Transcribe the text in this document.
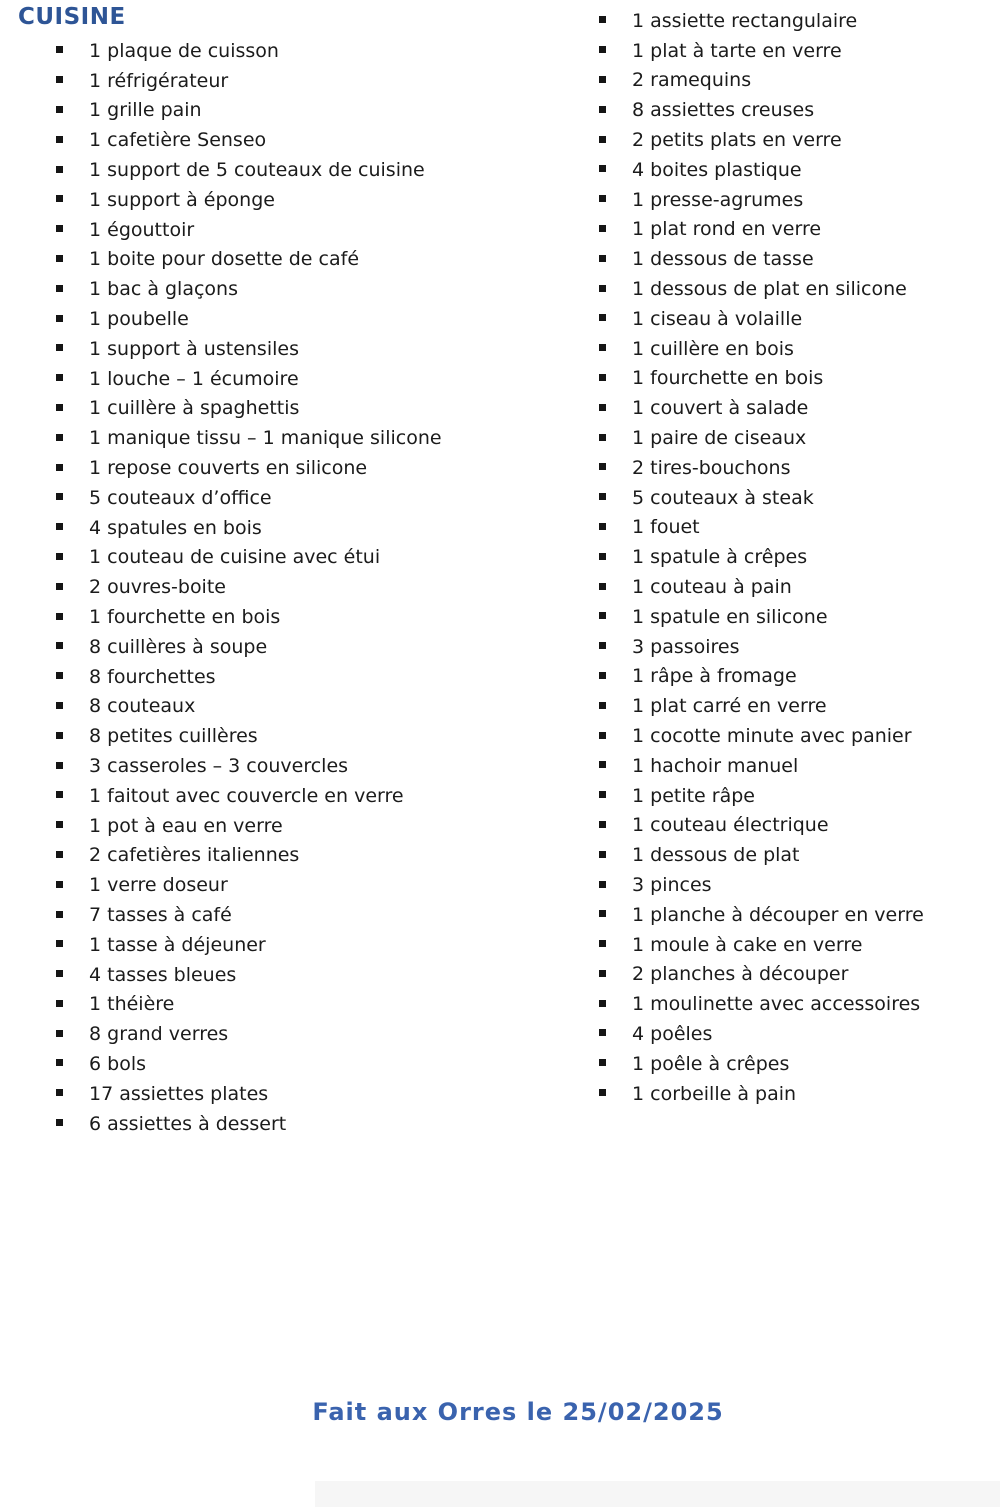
CUISINE
1 plaque de cuisson
1 réfrigérateur
1 grille pain
1 cafetière Senseo
1 support de 5 couteaux de cuisine
1 support à éponge
1 égouttoir
1 boite pour dosette de café
1 bac à glaçons
1 poubelle
1 support à ustensiles
1 louche – 1 écumoire
1 cuillère à spaghettis
1 manique tissu – 1 manique silicone
1 repose couverts en silicone
5 couteaux d’office
4 spatules en bois
1 couteau de cuisine avec étui
2 ouvres-boite
1 fourchette en bois
8 cuillères à soupe
8 fourchettes
8 couteaux
8 petites cuillères
3 casseroles – 3 couvercles
1 faitout avec couvercle en verre
1 pot à eau en verre
2 cafetières italiennes
1 verre doseur
7 tasses à café
1 tasse à déjeuner
4 tasses bleues
1 théière
8 grand verres
6 bols
17 assiettes plates
6 assiettes à dessert
1 assiette rectangulaire
1 plat à tarte en verre
2 ramequins
8 assiettes creuses
2 petits plats en verre
4 boites plastique
1 presse-agrumes
1 plat rond en verre
1 dessous de tasse
1 dessous de plat en silicone
1 ciseau à volaille
1 cuillère en bois
1 fourchette en bois
1 couvert à salade
1 paire de ciseaux
2 tires-bouchons
5 couteaux à steak
1 fouet
1 spatule à crêpes
1 couteau à pain
1 spatule en silicone
3 passoires
1 râpe à fromage
1 plat carré en verre
1 cocotte minute avec panier
1 hachoir manuel
1 petite râpe
1 couteau électrique
1 dessous de plat
3 pinces
1 planche à découper en verre
1 moule à cake en verre
2 planches à découper
1 moulinette avec accessoires
4 poêles
1 poêle à crêpes
1 corbeille à pain
Fait aux Orres le 25/02/2025
